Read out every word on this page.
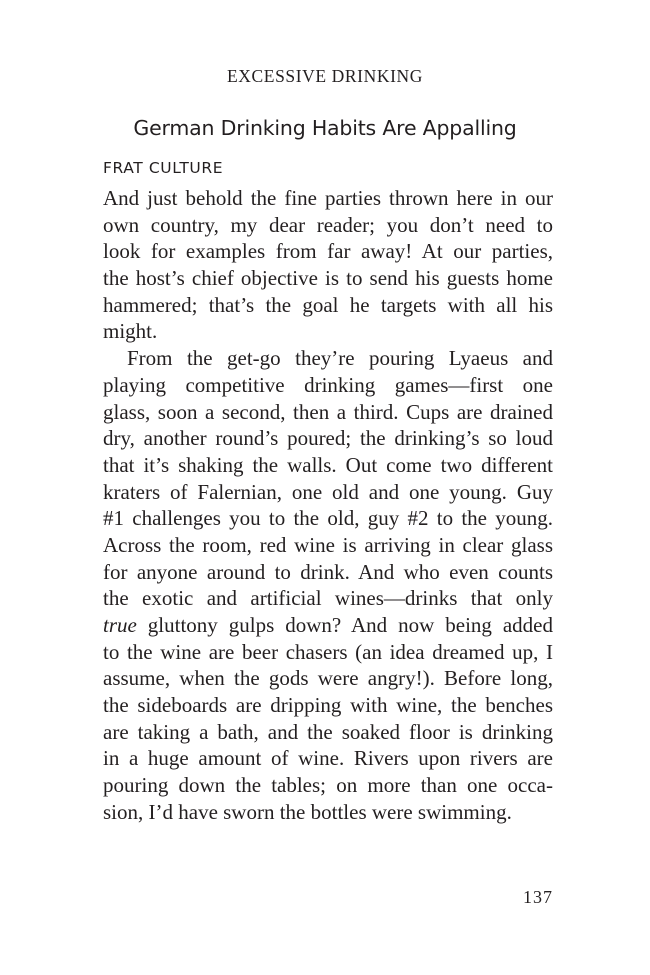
EXCESSIVE DRINKING
German Drinking Habits Are Appalling
FRAT CULTURE
And just behold the fine parties thrown here in our
own country, my dear reader; you don’t need to
look for examples from far away! At our parties,
the host’s chief objective is to send his guests home
hammered; that’s the goal he targets with all his
might.
From the get-go they’re pouring Lyaeus and
playing competitive drinking games—first one
glass, soon a second, then a third. Cups are drained
dry, another round’s poured; the drinking’s so loud
that it’s shaking the walls. Out come two different
kraters of Falernian, one old and one young. Guy
#1 challenges you to the old, guy #2 to the young.
Across the room, red wine is arriving in clear glass
for anyone around to drink. And who even counts
the exotic and artificial wines—drinks that only
true gluttony gulps down? And now being added
to the wine are beer chasers (an idea dreamed up, I
assume, when the gods were angry!). Before long,
the sideboards are dripping with wine, the benches
are taking a bath, and the soaked floor is drinking
in a huge amount of wine. Rivers upon rivers are
pouring down the tables; on more than one occa-
sion, I’d have sworn the bottles were swimming.
137
